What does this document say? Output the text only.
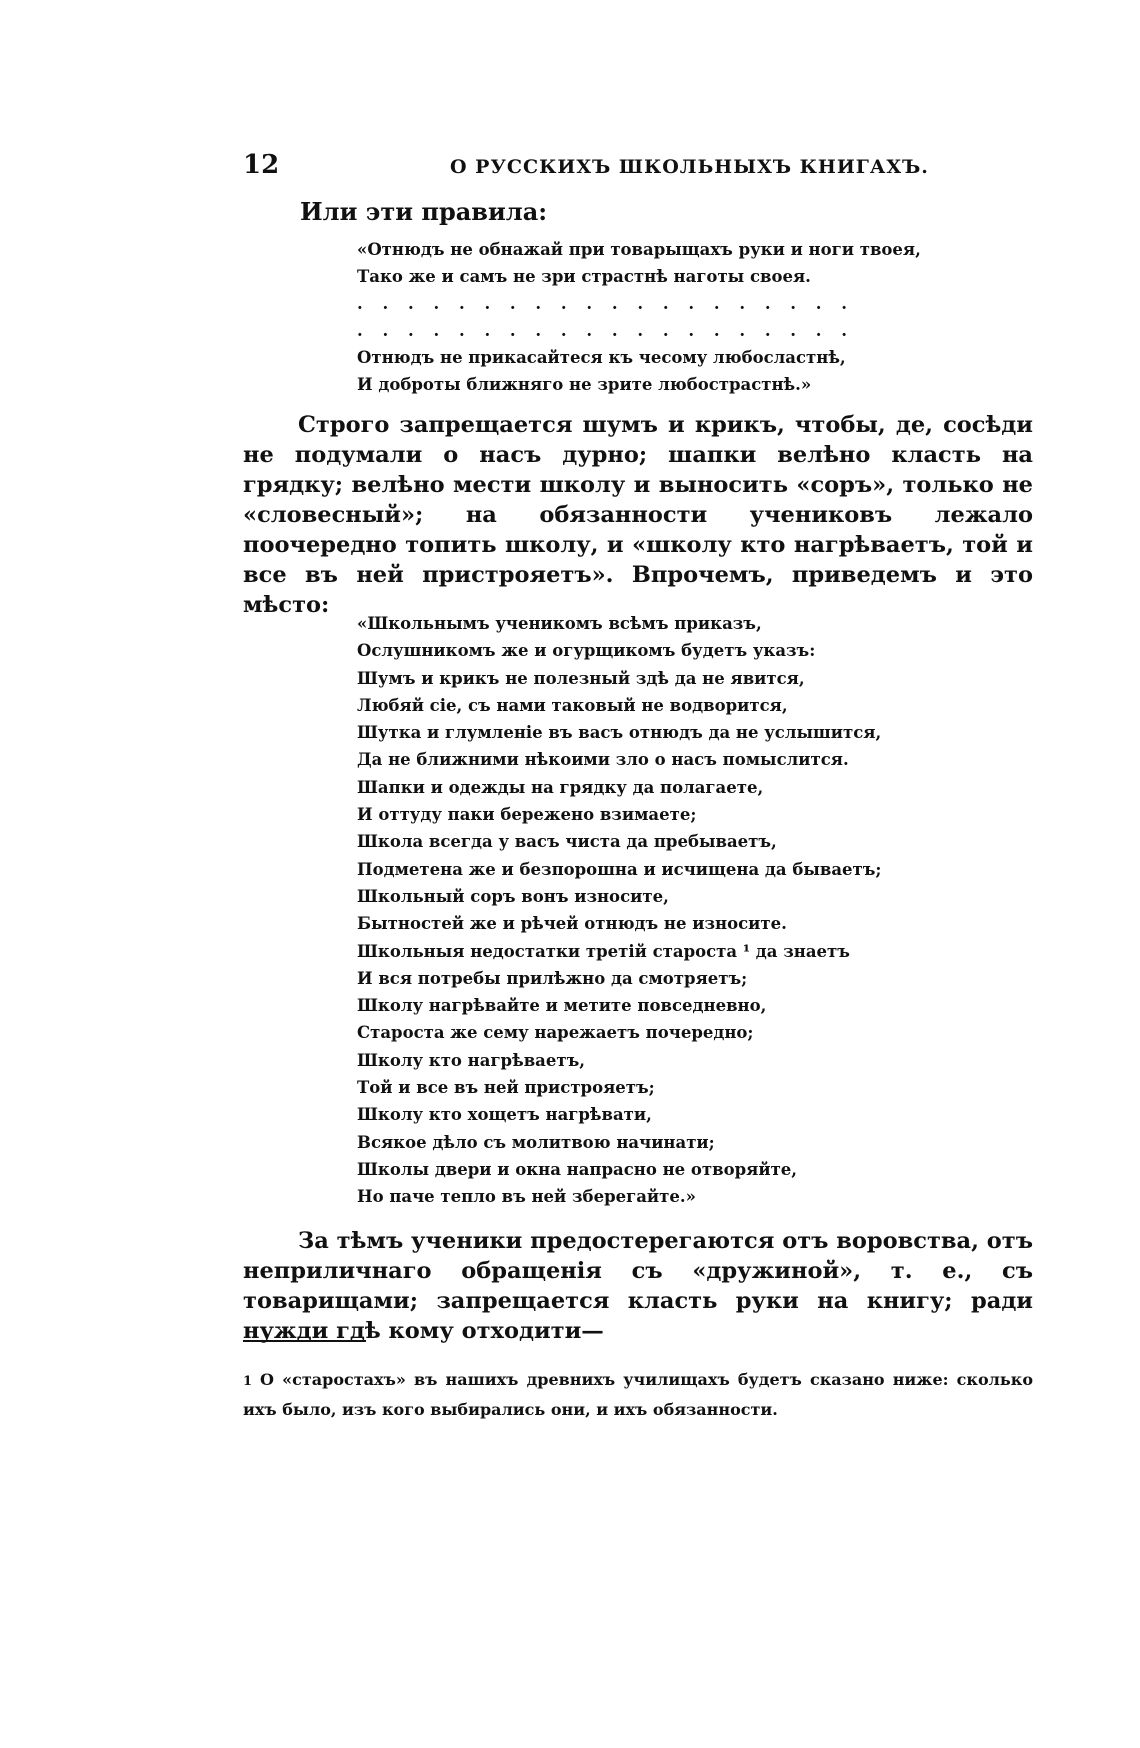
12	О РУССКИХЪ ШКОЛЬНЫХЪ КНИГАХЪ.
Или эти правила:
«Отнюдъ не обнажай при товарыщахъ руки и ноги твоея,
Тако же и самъ не зри страстнѣ наготы своея.
. . . . . . . . . . . . . . . . . . . .
. . . . . . . . . . . . . . . . . . . .
Отнюдъ не прикасайтеся къ чесому любосластнѣ,
И доброты ближняго не зрите любострастнѣ.»

Строго запрещается шумъ и крикъ, чтобы, де, сосѣди не подумали о насъ дурно; шапки велѣно класть на грядку; велѣно мести школу и выносить «соръ», только не «словесный»; на обязанности учениковъ лежало поочередно топить школу, и «школу кто нагрѣваетъ, той и все въ ней пристрояетъ». Впрочемъ, приведемъ и это мѣсто:

«Школьнымъ ученикомъ всѣмъ приказъ,
Ослушникомъ же и огурщикомъ будетъ указъ:
Шумъ и крикъ не полезный здѣ да не явится,
Любяй сіе, съ нами таковый не водворится,
Шутка и глумленіе въ васъ отнюдъ да не услышится,
Да не ближними нѣкоими зло о насъ помыслится.
Шапки и одежды на грядку да полагаете,
И оттуду паки бережено взимаете;
Школа всегда у васъ чиста да пребываетъ,
Подметена же и безпорошна и исчищена да бываетъ;
Школьный соръ вонъ износите,
Бытностей же и рѣчей отнюдъ не износите.
Школьныя недостатки третій староста ¹ да знаетъ
И вся потребы прилѣжно да смотряетъ;
Школу нагрѣвайте и метите повседневно,
Староста же сему нарежаетъ почередно;
Школу кто нагрѣваетъ,
Той и все въ ней пристрояетъ;
Школу кто хощетъ нагрѣвати,
Всякое дѣло съ молитвою начинати;
Школы двери и окна напрасно не отворяйте,
Но паче тепло въ ней зберегайте.»

За тѣмъ ученики предостерегаются отъ воровства, отъ неприличнаго обращенія съ «дружиной», т. е., съ товарищами; запрещается класть руки на книгу; ради нужди гдѣ кому отходити—

1 О «старостахъ» въ нашихъ древнихъ училищахъ будетъ сказано ниже: сколько ихъ было, изъ кого выбирались они, и ихъ обязанности.
